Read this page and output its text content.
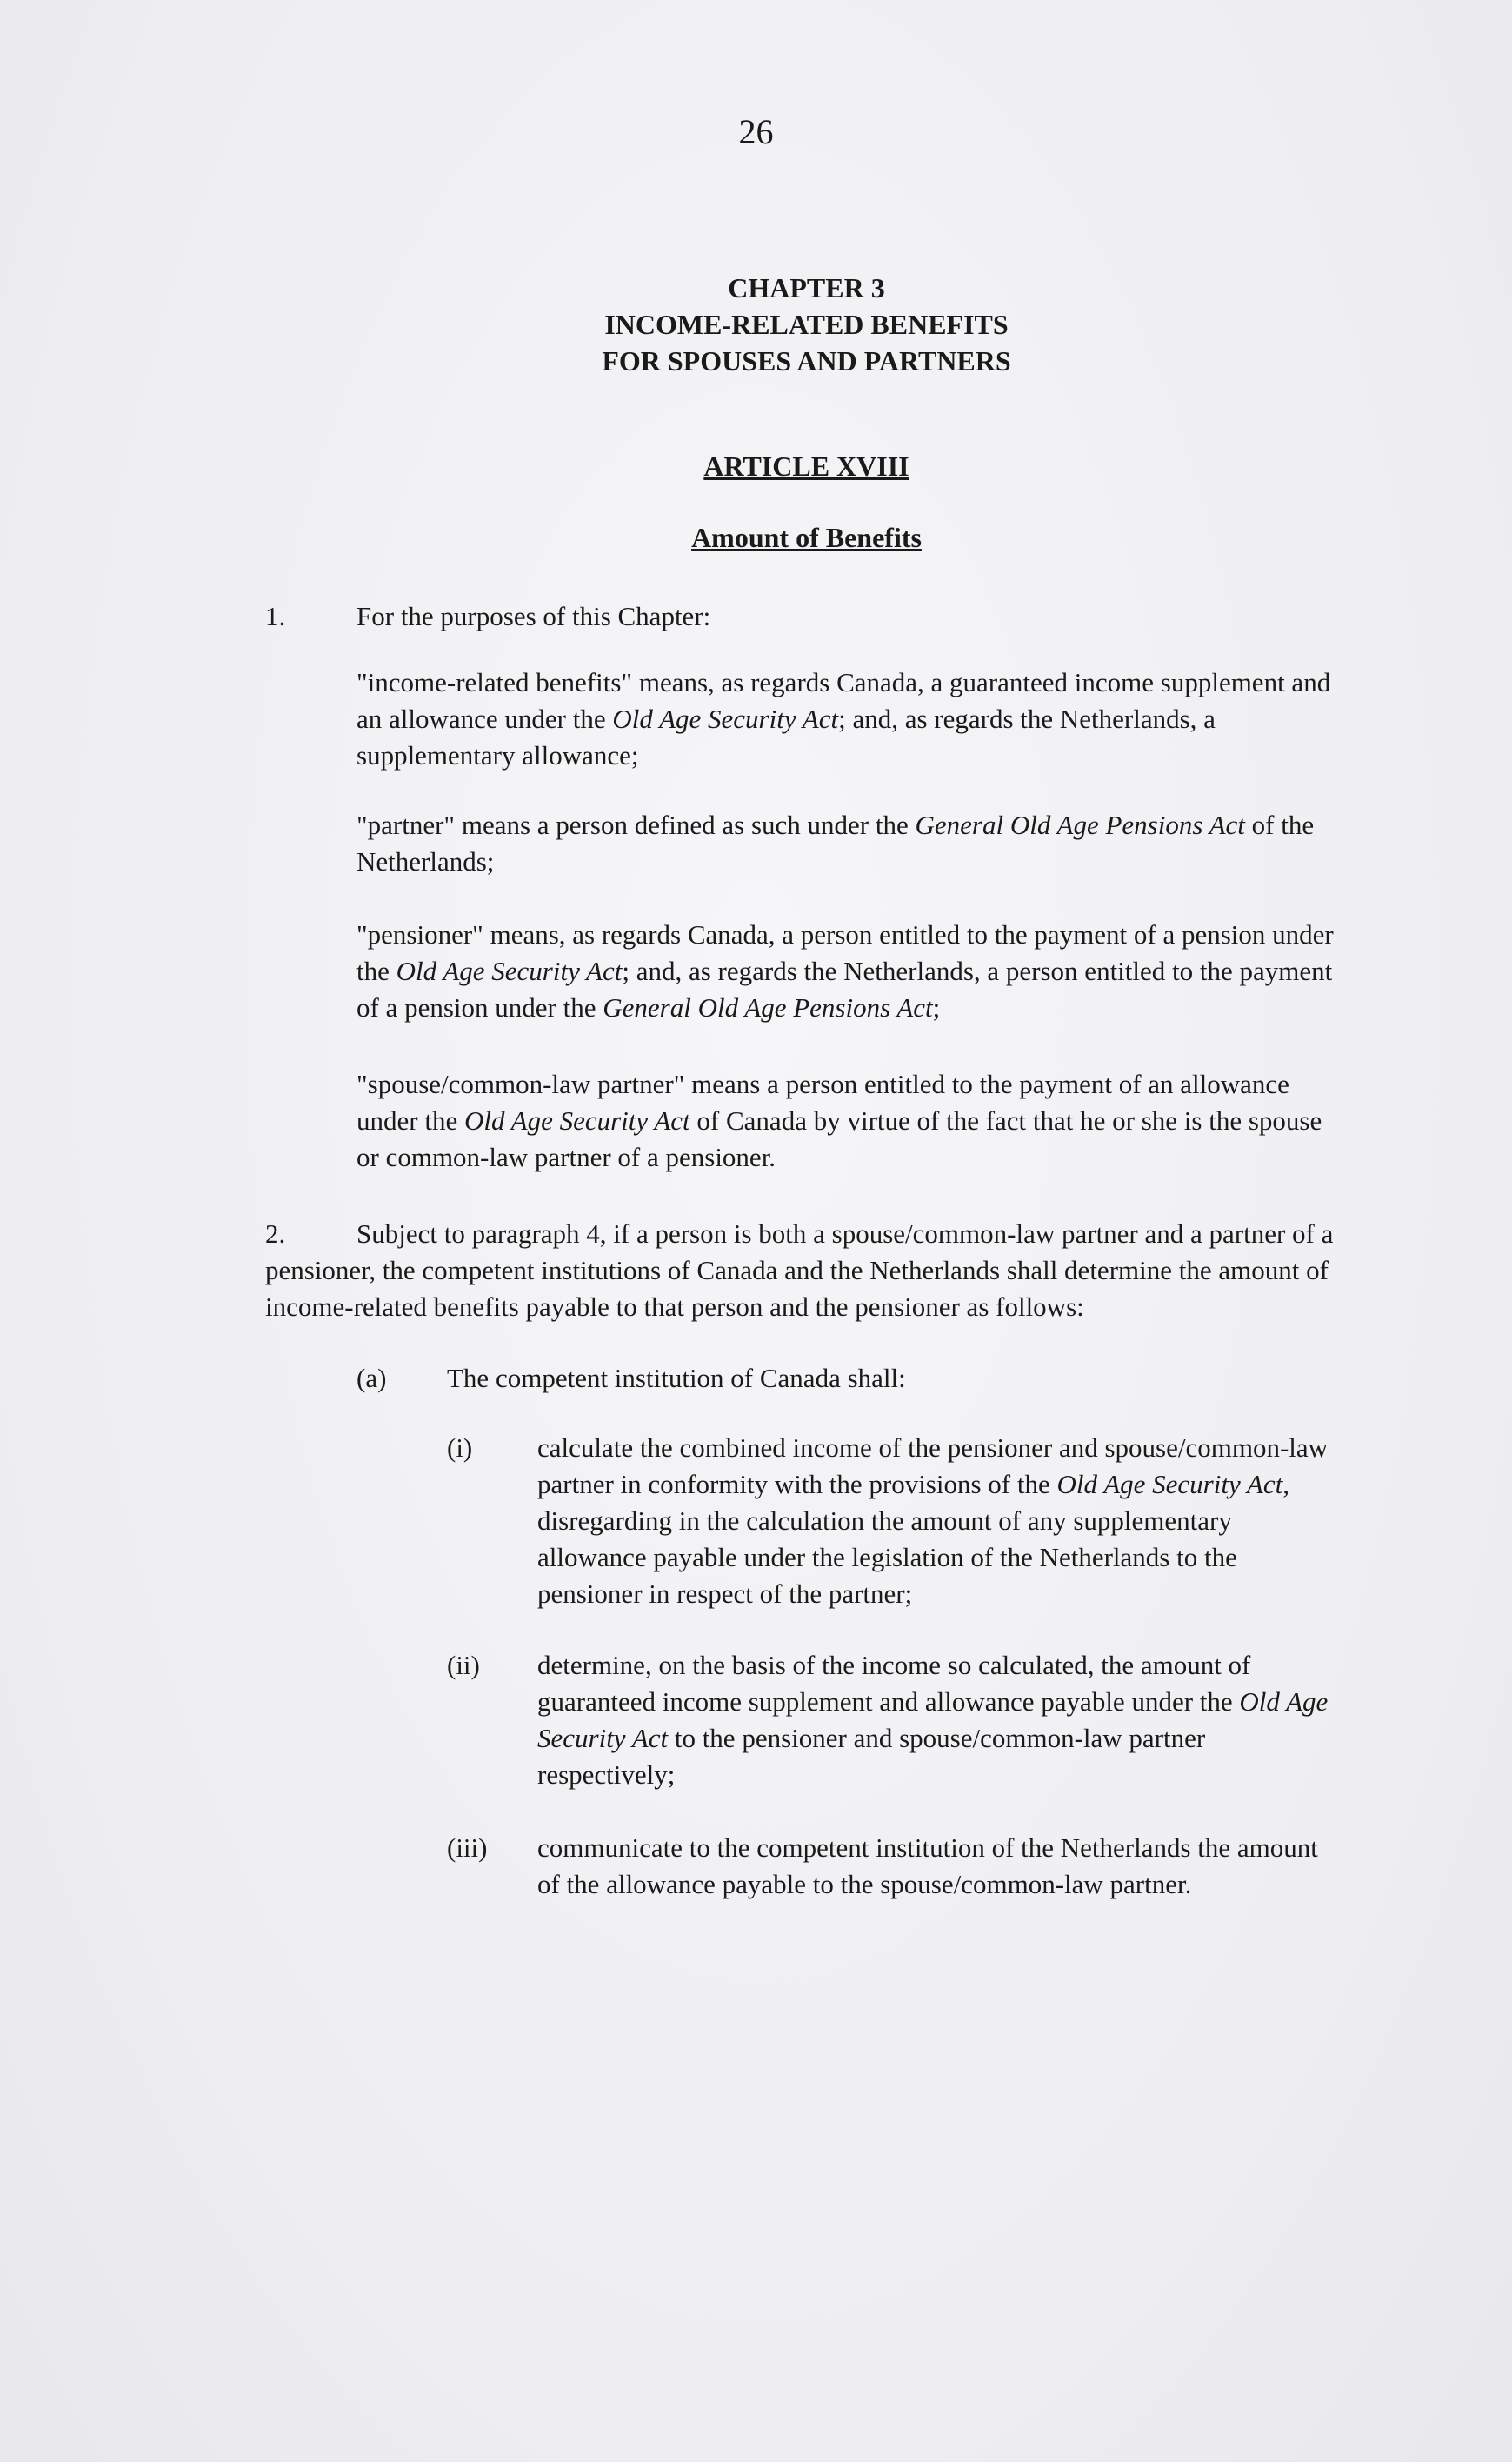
26
CHAPTER 3
INCOME-RELATED BENEFITS
FOR SPOUSES AND PARTNERS
ARTICLE XVIII
Amount of Benefits
1.	For the purposes of this Chapter:
"income-related benefits" means, as regards Canada, a guaranteed income supplement and an allowance under the Old Age Security Act; and, as regards the Netherlands, a supplementary allowance;
"partner" means a person defined as such under the General Old Age Pensions Act of the Netherlands;
"pensioner" means, as regards Canada, a person entitled to the payment of a pension under the Old Age Security Act; and, as regards the Netherlands, a person entitled to the payment of a pension under the General Old Age Pensions Act;
"spouse/common-law partner" means a person entitled to the payment of an allowance under the Old Age Security Act of Canada by virtue of the fact that he or she is the spouse or common-law partner of a pensioner.
2.	Subject to paragraph 4, if a person is both a spouse/common-law partner and a partner of a pensioner, the competent institutions of Canada and the Netherlands shall determine the amount of income-related benefits payable to that person and the pensioner as follows:
(a) The competent institution of Canada shall:
(i) calculate the combined income of the pensioner and spouse/common-law partner in conformity with the provisions of the Old Age Security Act, disregarding in the calculation the amount of any supplementary allowance payable under the legislation of the Netherlands to the pensioner in respect of the partner;
(ii) determine, on the basis of the income so calculated, the amount of guaranteed income supplement and allowance payable under the Old Age Security Act to the pensioner and spouse/common-law partner respectively;
(iii) communicate to the competent institution of the Netherlands the amount of the allowance payable to the spouse/common-law partner.
